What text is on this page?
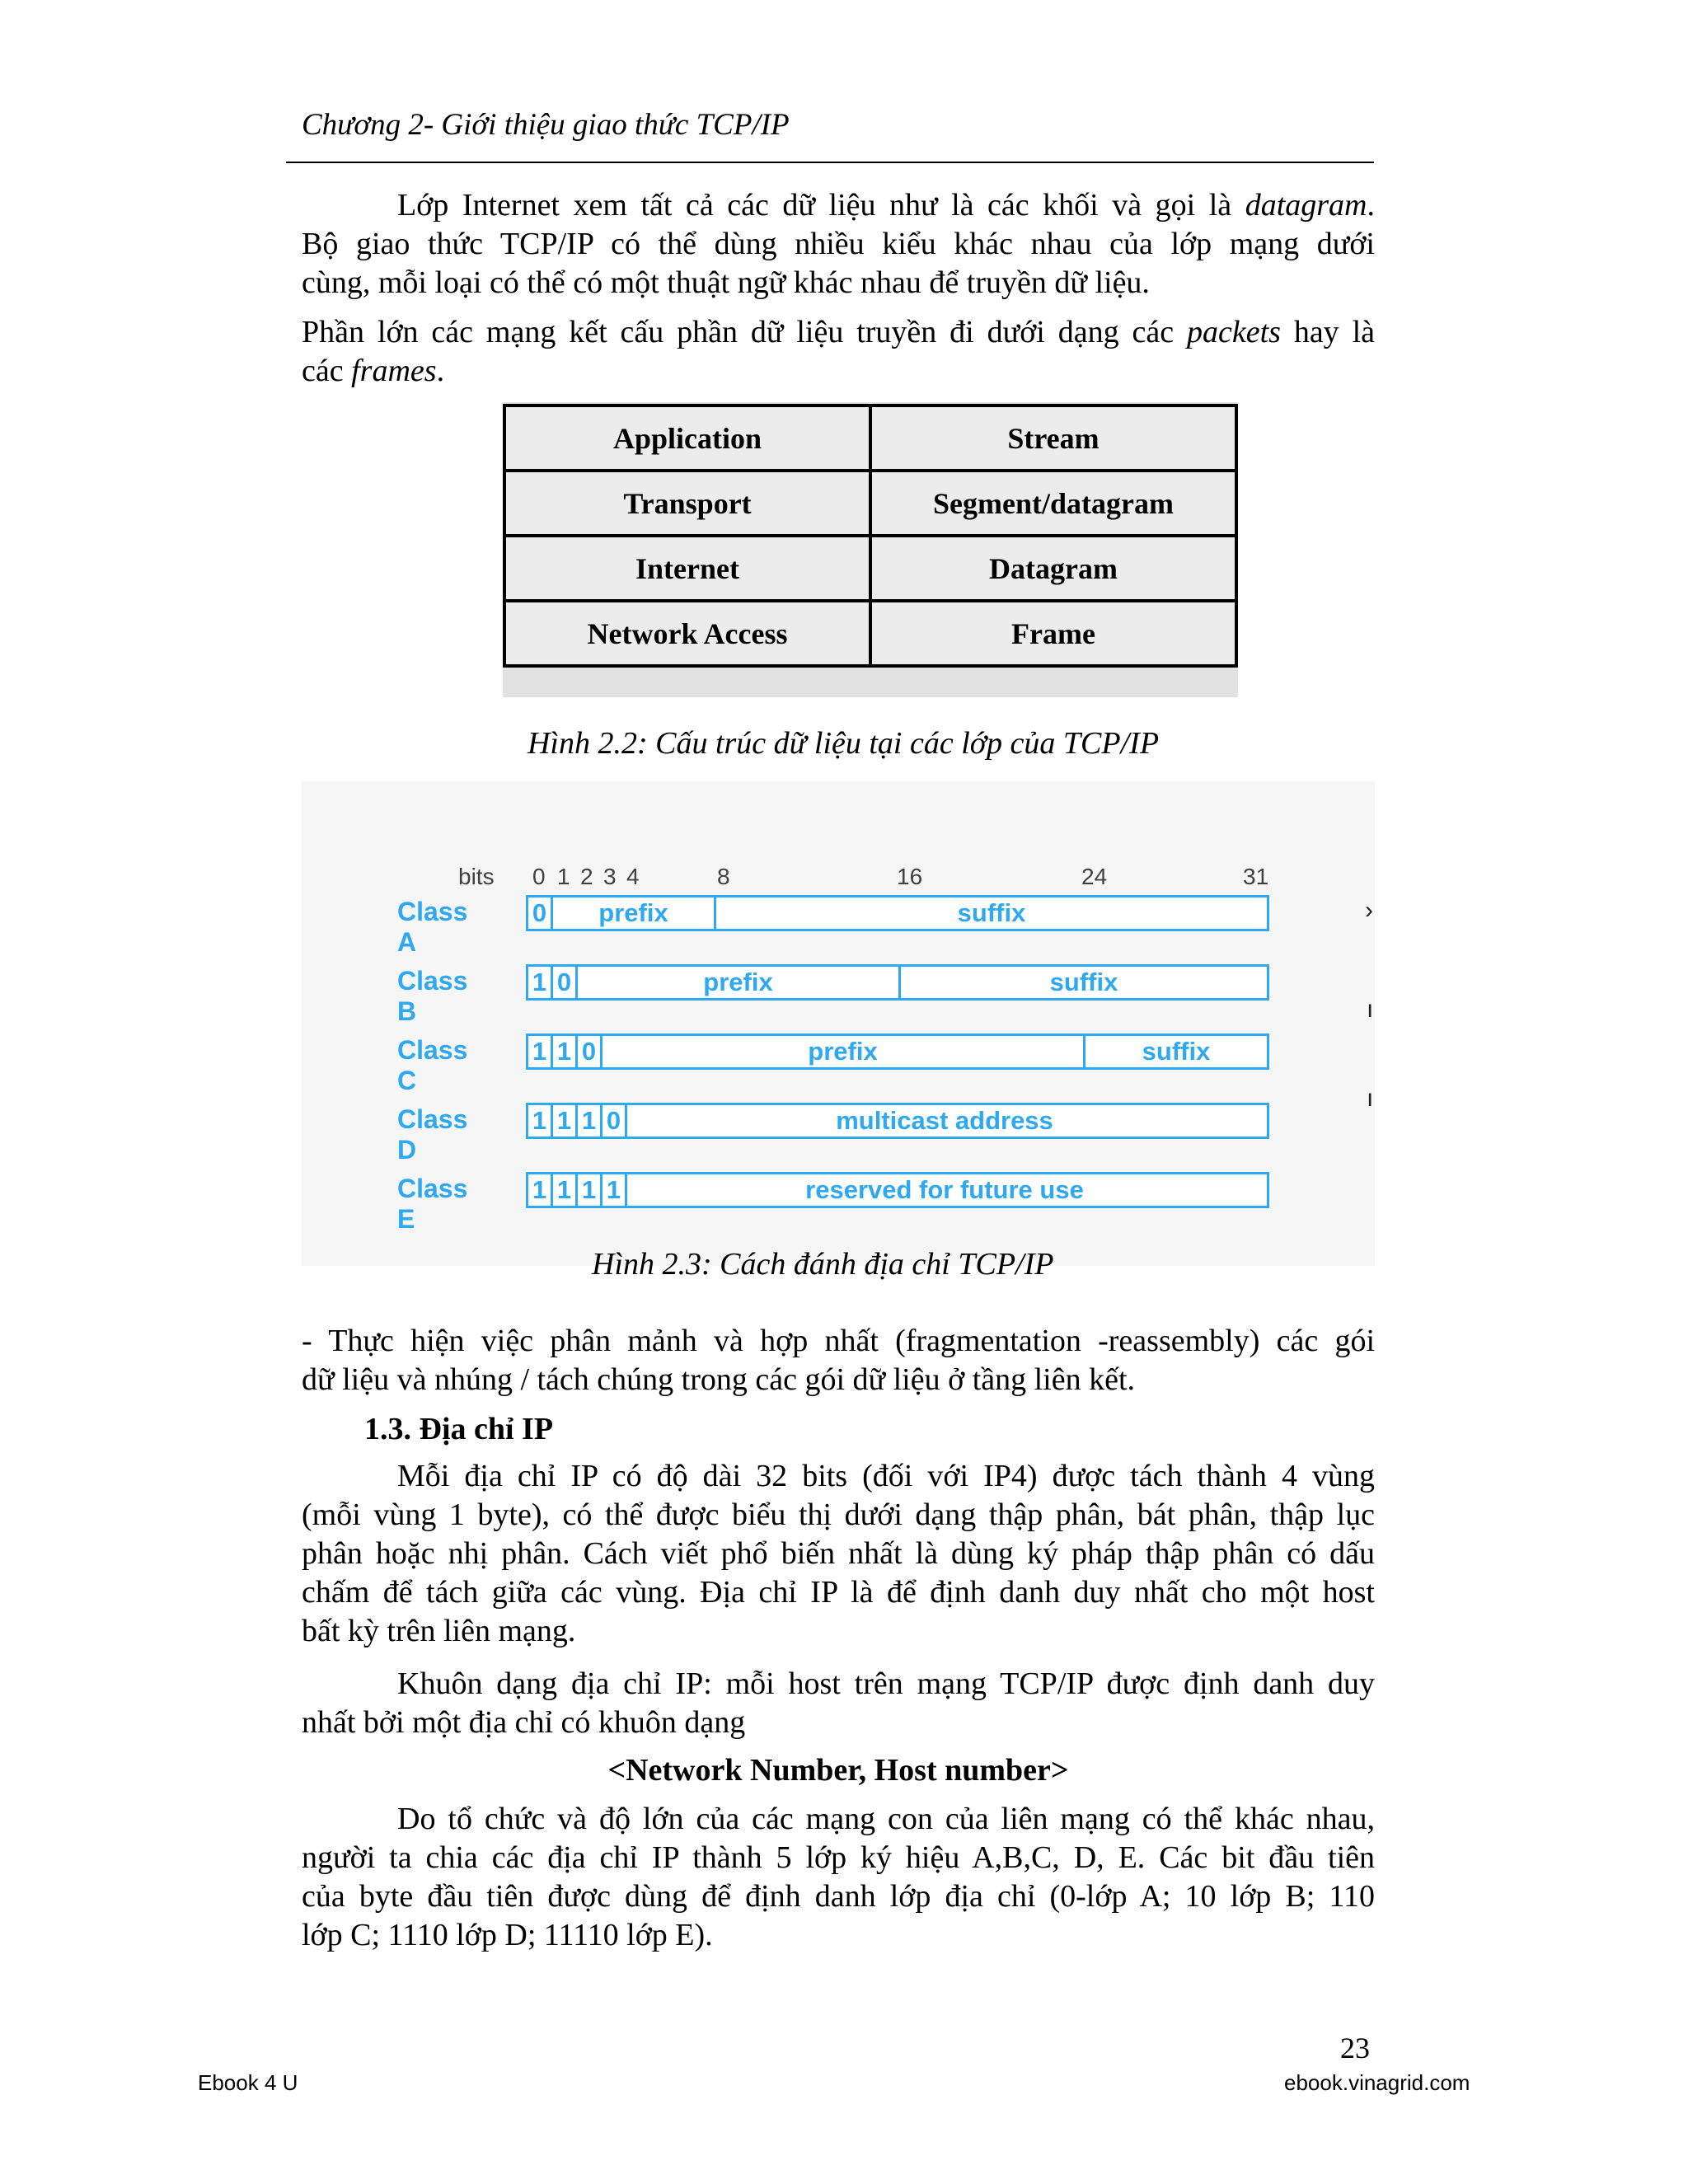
Chương 2- Giới thiệu giao thức TCP/IP
Lớp Internet xem tất cả các dữ liệu như là các khối và gọi là datagram.
Bộ giao thức TCP/IP có thể dùng nhiều kiểu khác nhau của lớp mạng dưới
cùng, mỗi loại có thể có một thuật ngữ khác nhau để truyền dữ liệu.
Phần lớn các mạng kết cấu phần dữ liệu truyền đi dưới dạng các packets hay là
các frames.
Application	Stream
Transport	Segment/datagram
Internet	Datagram
Network Access	Frame
Hình 2.2: Cấu trúc dữ liệu tại các lớp của TCP/IP
bits 0 1 2 3 4	8	16	24	31
Class A
0	prefix	suffix
Class B
1 0	prefix	suffix
Class C
1 1 0	prefix	suffix
Class D
1 1 1 0	multicast address
Class E
1 1 1 1	reserved for future use
›
ı
ı
Hình 2.3: Cách đánh địa chỉ TCP/IP
- Thực hiện việc phân mảnh và hợp nhất (fragmentation -reassembly) các gói
dữ liệu và nhúng / tách chúng trong các gói dữ liệu ở tầng liên kết.
1.3. Địa chỉ IP
Mỗi địa chỉ IP có độ dài 32 bits (đối với IP4) được tách thành 4 vùng
(mỗi vùng 1 byte), có thể được biểu thị dưới dạng thập phân, bát phân, thập lục
phân hoặc nhị phân. Cách viết phổ biến nhất là dùng ký pháp thập phân có dấu
chấm để tách giữa các vùng. Địa chỉ IP là để định danh duy nhất cho một host
bất kỳ trên liên mạng.
Khuôn dạng địa chỉ IP: mỗi host trên mạng TCP/IP được định danh duy
nhất bởi một địa chỉ có khuôn dạng
<Network Number, Host number>
Do tổ chức và độ lớn của các mạng con của liên mạng có thể khác nhau,
người ta chia các địa chỉ IP thành 5 lớp ký hiệu A,B,C, D, E. Các bit đầu tiên
của byte đầu tiên được dùng để định danh lớp địa chỉ (0-lớp A; 10 lớp B; 110
lớp C; 1110 lớp D; 11110 lớp E).
23
Ebook 4 U	ebook.vinagrid.com
